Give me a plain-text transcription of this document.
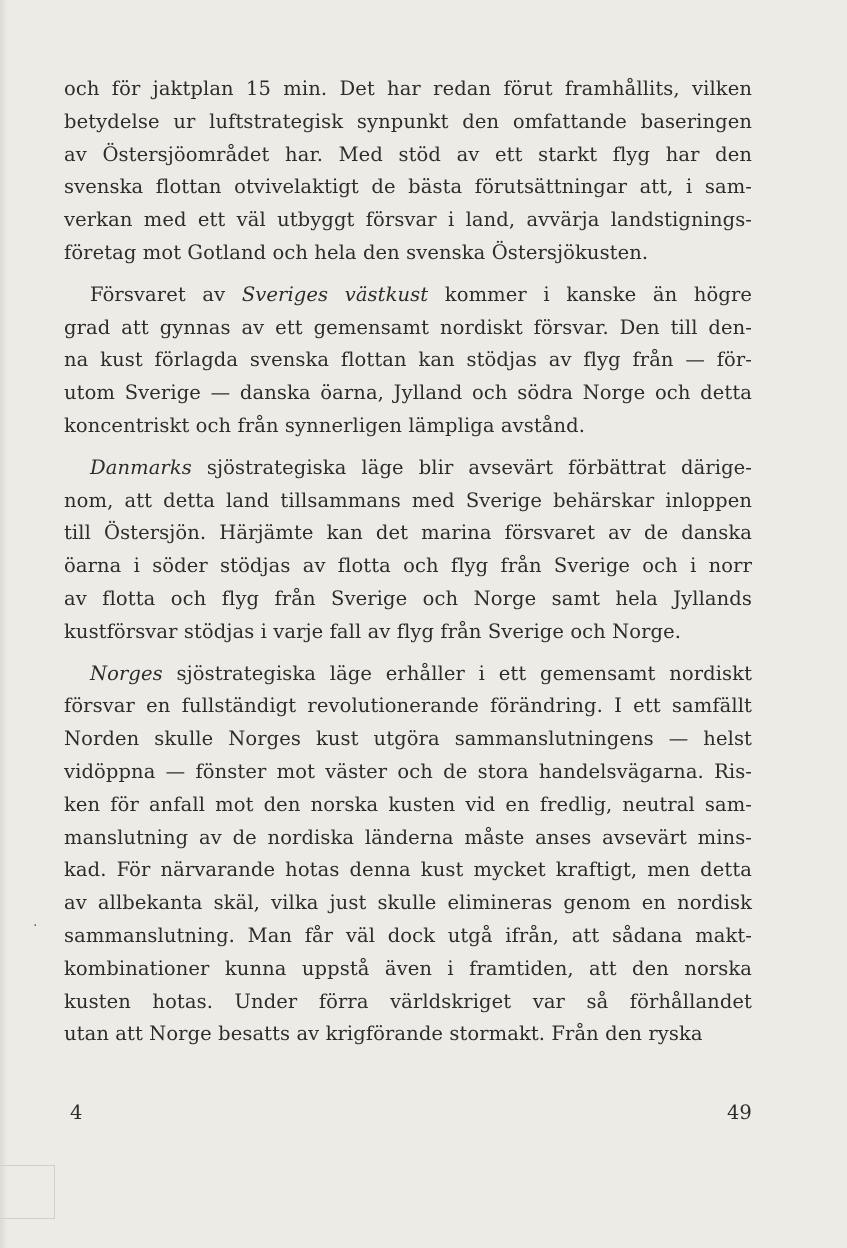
och för jaktplan 15 min. Det har redan förut framhållits, vilken
betydelse ur luftstrategisk synpunkt den omfattande baseringen
av Östersjöområdet har. Med stöd av ett starkt flyg har den
svenska flottan otvivelaktigt de bästa förutsättningar att, i sam-
verkan med ett väl utbyggt försvar i land, avvärja landstignings-
företag mot Gotland och hela den svenska Östersjökusten.

Försvaret av Sveriges västkust kommer i kanske än högre
grad att gynnas av ett gemensamt nordiskt försvar. Den till den-
na kust förlagda svenska flottan kan stödjas av flyg från — för-
utom Sverige — danska öarna, Jylland och södra Norge och detta
koncentriskt och från synnerligen lämpliga avstånd.

Danmarks sjöstrategiska läge blir avsevärt förbättrat därige-
nom, att detta land tillsammans med Sverige behärskar inloppen
till Östersjön. Härjämte kan det marina försvaret av de danska
öarna i söder stödjas av flotta och flyg från Sverige och i norr
av flotta och flyg från Sverige och Norge samt hela Jyllands
kustförsvar stödjas i varje fall av flyg från Sverige och Norge.

Norges sjöstrategiska läge erhåller i ett gemensamt nordiskt
försvar en fullständigt revolutionerande förändring. I ett samfällt
Norden skulle Norges kust utgöra sammanslutningens — helst
vidöppna — fönster mot väster och de stora handelsvägarna. Ris-
ken för anfall mot den norska kusten vid en fredlig, neutral sam-
manslutning av de nordiska länderna måste anses avsevärt mins-
kad. För närvarande hotas denna kust mycket kraftigt, men detta
av allbekanta skäl, vilka just skulle elimineras genom en nordisk
sammanslutning. Man får väl dock utgå ifrån, att sådana makt-
kombinationer kunna uppstå även i framtiden, att den norska
kusten hotas. Under förra världskriget var så förhållandet
utan att Norge besatts av krigförande stormakt. Från den ryska

·
4	49
